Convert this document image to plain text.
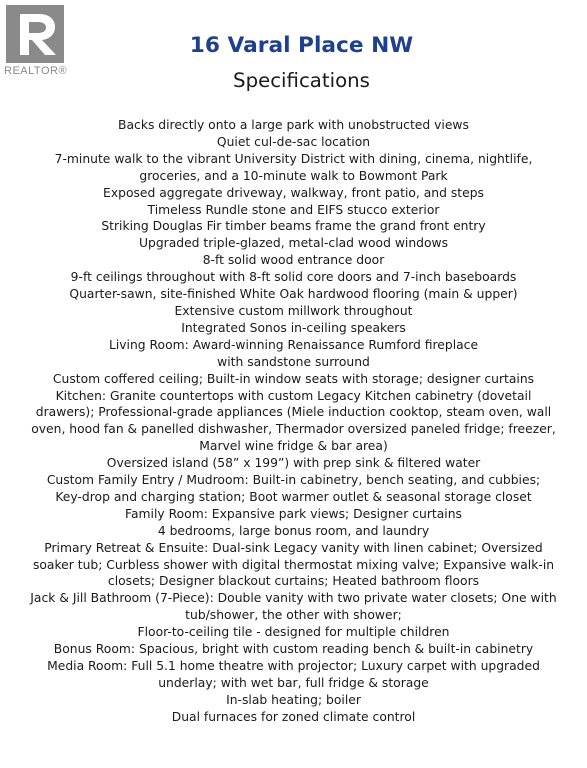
REALTOR®
16 Varal Place NW
Specifications
Backs directly onto a large park with unobstructed views
Quiet cul-de-sac location
7-minute walk to the vibrant University District with dining, cinema, nightlife,
groceries, and a 10-minute walk to Bowmont Park
Exposed aggregate driveway, walkway, front patio, and steps
Timeless Rundle stone and EIFS stucco exterior
Striking Douglas Fir timber beams frame the grand front entry
Upgraded triple-glazed, metal-clad wood windows
8-ft solid wood entrance door
9-ft ceilings throughout with 8-ft solid core doors and 7-inch baseboards
Quarter-sawn, site-finished White Oak hardwood flooring (main & upper)
Extensive custom millwork throughout
Integrated Sonos in-ceiling speakers
Living Room: Award-winning Renaissance Rumford fireplace
with sandstone surround
Custom coffered ceiling; Built-in window seats with storage; designer curtains
Kitchen: Granite countertops with custom Legacy Kitchen cabinetry (dovetail
drawers); Professional-grade appliances (Miele induction cooktop, steam oven, wall
oven, hood fan & panelled dishwasher, Thermador oversized paneled fridge; freezer,
Marvel wine fridge & bar area)
Oversized island (58” x 199”) with prep sink & filtered water
Custom Family Entry / Mudroom: Built-in cabinetry, bench seating, and cubbies;
Key-drop and charging station; Boot warmer outlet & seasonal storage closet
Family Room: Expansive park views; Designer curtains
4 bedrooms, large bonus room, and laundry
Primary Retreat & Ensuite: Dual-sink Legacy vanity with linen cabinet; Oversized
soaker tub; Curbless shower with digital thermostat mixing valve; Expansive walk-in
closets; Designer blackout curtains; Heated bathroom floors
Jack & Jill Bathroom (7-Piece): Double vanity with two private water closets; One with
tub/shower, the other with shower;
Floor-to-ceiling tile - designed for multiple children
Bonus Room: Spacious, bright with custom reading bench & built-in cabinetry
Media Room: Full 5.1 home theatre with projector; Luxury carpet with upgraded
underlay; with wet bar, full fridge & storage
In-slab heating; boiler
Dual furnaces for zoned climate control
